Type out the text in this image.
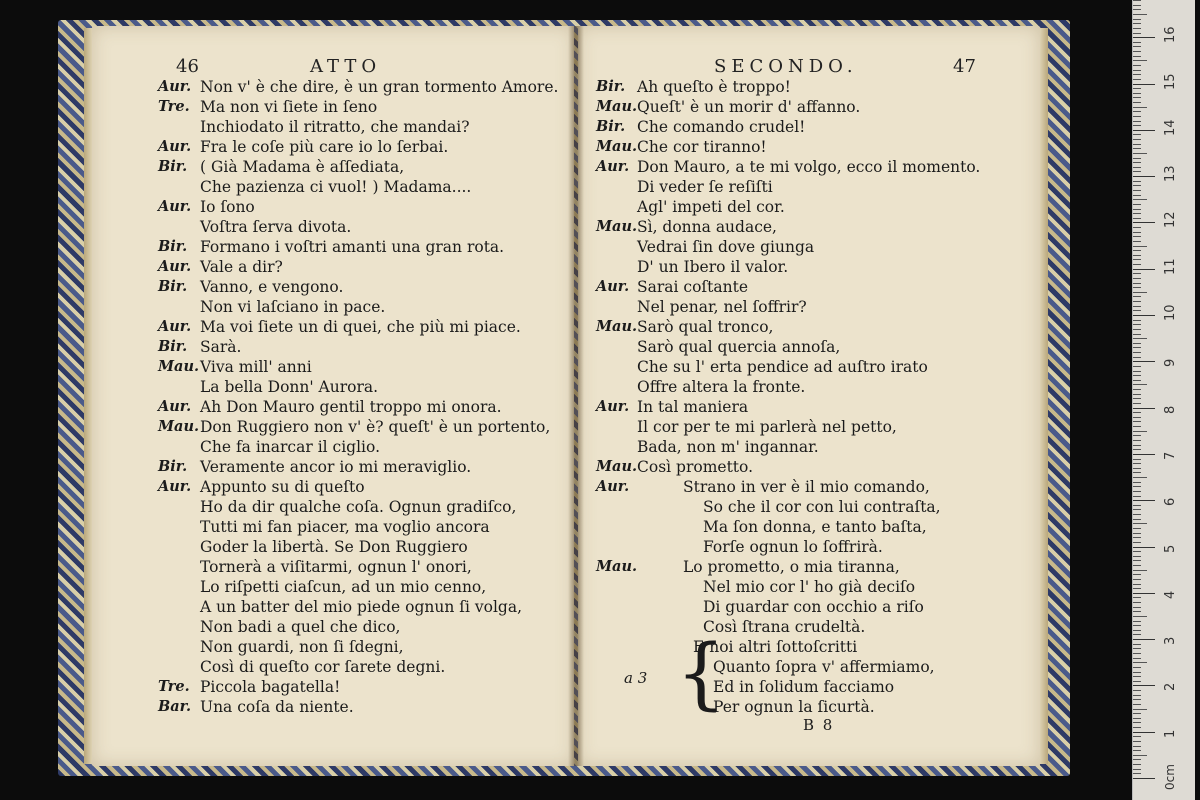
46	ATTO	SECONDO.	47
Aur. Non v' è che dire, è un gran tormento Amore.
Tre. Ma non vi ſiete in ſeno
Inchiodato il ritratto, che mandai?
Aur. Fra le coſe più care io lo ſerbai.
Bir. ( Già Madama è aſſediata,
Che pazienza ci vuol! ) Madama....
Aur. Io ſono
Voſtra ſerva divota.
Bir. Formano i voſtri amanti una gran rota.
Aur. Vale a dir?
Bir. Vanno, e vengono.
Non vi laſciano in pace.
Aur. Ma voi ſiete un di quei, che più mi piace.
Bir. Sarà.
Mau. Viva mill' anni
La bella Donn' Aurora.
Aur. Ah Don Mauro gentil troppo mi onora.
Mau. Don Ruggiero non v' è? queſt' è un portento,
Che fa inarcar il ciglio.
Bir. Veramente ancor io mi meraviglio.
Aur. Appunto su di queſto
Ho da dir qualche coſa. Ognun gradiſco,
Tutti mi fan piacer, ma voglio ancora
Goder la libertà. Se Don Ruggiero
Tornerà a viſitarmi, ognun l' onori,
Lo riſpetti ciaſcun, ad un mio cenno,
A un batter del mio piede ognun ſi volga,
Non badi a quel che dico,
Non guardi, non ſi ſdegni,
Così di queſto cor ſarete degni.
Tre. Piccola bagatella!
Bar. Una coſa da niente.
Bir. Ah queſto è troppo!
Mau. Queſt' è un morir d' affanno.
Bir. Che comando crudel!
Mau. Che cor tiranno!
Aur. Don Mauro, a te mi volgo, ecco il momento.
Di veder ſe reſiſti
Agl' impeti del cor.
Mau. Sì, donna audace,
Vedrai ſin dove giunga
D' un Ibero il valor.
Aur. Sarai coſtante
Nel penar, nel ſoffrir?
Mau. Sarò qual tronco,
Sarò qual quercia annoſa,
Che su l' erta pendice ad auſtro irato
Offre altera la fronte.
Aur. In tal maniera
Il cor per te mi parlerà nel petto,
Bada, non m' ingannar.
Mau. Così prometto.
Aur.	Strano in ver è il mio comando,
So che il cor con lui contraſta,
Ma ſon donna, e tanto baſta,
Forſe ognun lo ſoffrirà.
Mau.	Lo prometto, o mia tiranna,
Nel mio cor l' ho già deciſo
Di guardar con occhio a riſo
Così ſtrana crudeltà.
E noi altri ſottoſcritti
Quanto ſopra v' affermiamo,
Ed in ſolidum facciamo
Per ognun la ſicurtà.
{
a 3
B 8	1
2
3
4
5
6
7
8
9
10
11
12
13
14
15
16
0cm
